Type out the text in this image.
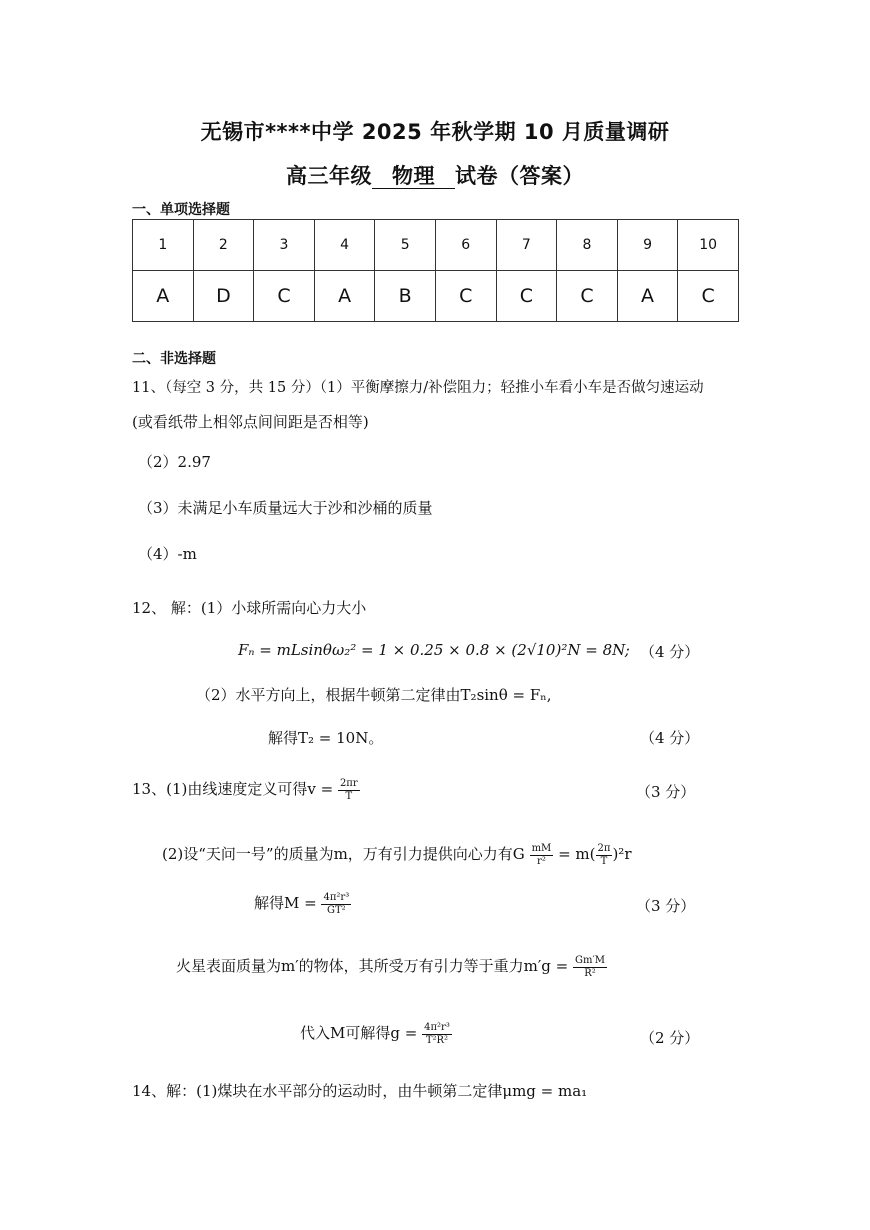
无锡市****中学 2025 年秋学期 10 月质量调研
高三年级 物理 试卷（答案）
一、单项选择题
1	2	3	4	5	6	7	8	9	10
A	D	C	A	B	C	C	C	A	C
二、非选择题
11、（每空 3 分，共 15 分）（1）平衡摩擦力/补偿阻力；轻推小车看小车是否做匀速运动
(或看纸带上相邻点间间距是否相等)
（2）2.97
（3）未满足小车质量远大于沙和沙桶的质量
（4）-m
12、 解：(1）小球所需向心力大小
Fₙ = mLsinθω₂² = 1 × 0.25 × 0.8 × (2√10)²N = 8N; （4 分）
（2）水平方向上，根据牛顿第二定律由T₂sinθ = Fₙ,
解得T₂ = 10N。	（4 分）
13、(1)由线速度定义可得$v = \frac{2\pi r}{T}$	（3 分）
(2)设“天问一号”的质量为m，万有引力提供向心力有G $\frac{mM}{\text{r²}} = m( \frac{2\pi}{T} )^2r$
解得$M = \frac{\text{4π²r³}}{\text{GT²}}$	（3 分）
火星表面质量为m′的物体，其所受万有引力等于重力$m'g = \frac{Gm'M}{\text{R²}}$
代入M可解得$g = \frac{\text{4π²r³}}{\text{T²R²}}$	（2 分）
14、解：(1)煤块在水平部分的运动时，由牛顿第二定律μmg = ma₁
